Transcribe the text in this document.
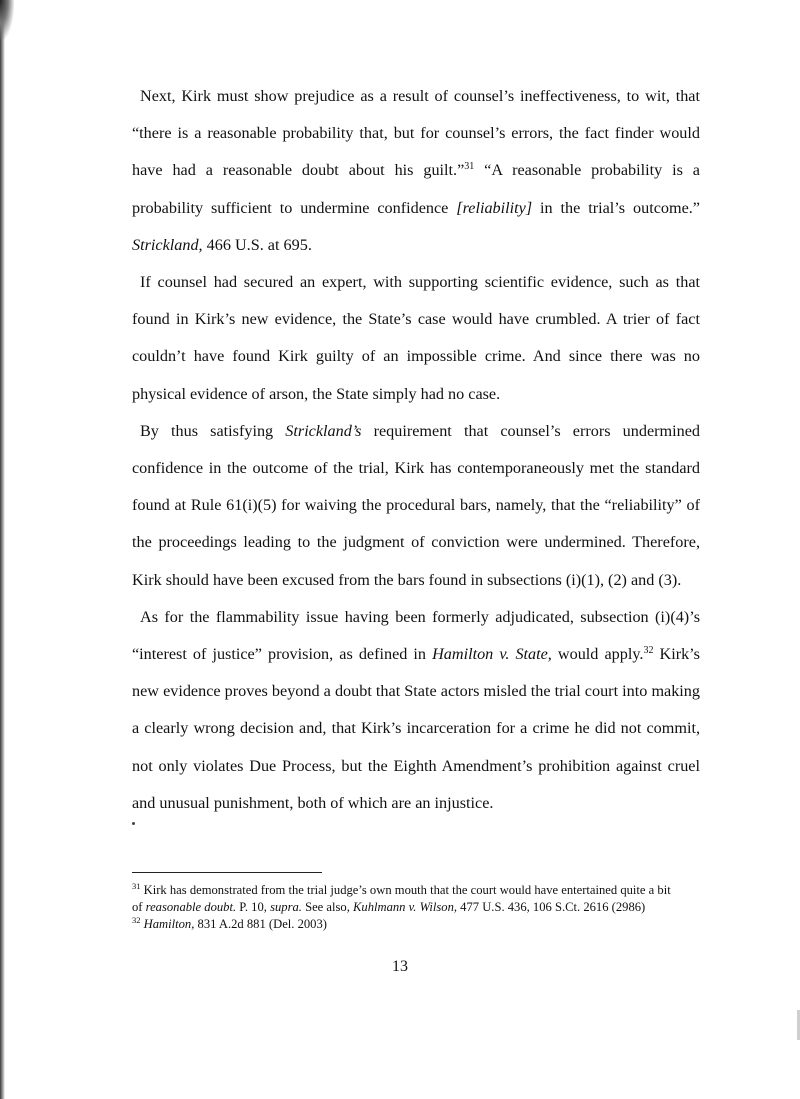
Next, Kirk must show prejudice as a result of counsel’s ineffectiveness, to wit, that “there is a reasonable probability that, but for counsel’s errors, the fact finder would have had a reasonable doubt about his guilt.”$^{31}$ “A reasonable probability is a probability sufficient to undermine confidence [reliability] in the trial’s outcome.” Strickland, 466 U.S. at 695.

If counsel had secured an expert, with supporting scientific evidence, such as that found in Kirk’s new evidence, the State’s case would have crumbled. A trier of fact couldn’t have found Kirk guilty of an impossible crime. And since there was no physical evidence of arson, the State simply had no case.

By thus satisfying Strickland’s requirement that counsel’s errors undermined confidence in the outcome of the trial, Kirk has contemporaneously met the standard found at Rule 61(i)(5) for waiving the procedural bars, namely, that the “reliability” of the proceedings leading to the judgment of conviction were undermined. Therefore, Kirk should have been excused from the bars found in subsections (i)(1), (2) and (3).

As for the flammability issue having been formerly adjudicated, subsection (i)(4)’s “interest of justice” provision, as defined in Hamilton v. State, would apply.$^{32}$ Kirk’s new evidence proves beyond a doubt that State actors misled the trial court into making a clearly wrong decision and, that Kirk’s incarceration for a crime he did not commit, not only violates Due Process, but the Eighth Amendment’s prohibition against cruel and unusual punishment, both of which are an injustice.

$^{31}$ Kirk has demonstrated from the trial judge’s own mouth that the court would have entertained quite a bit

of reasonable doubt. P. 10, supra. See also, Kuhlmann v. Wilson, 477 U.S. 436, 106 S.Ct. 2616 (2986)

$^{32}$ Hamilton, 831 A.2d 881 (Del. 2003)

13
